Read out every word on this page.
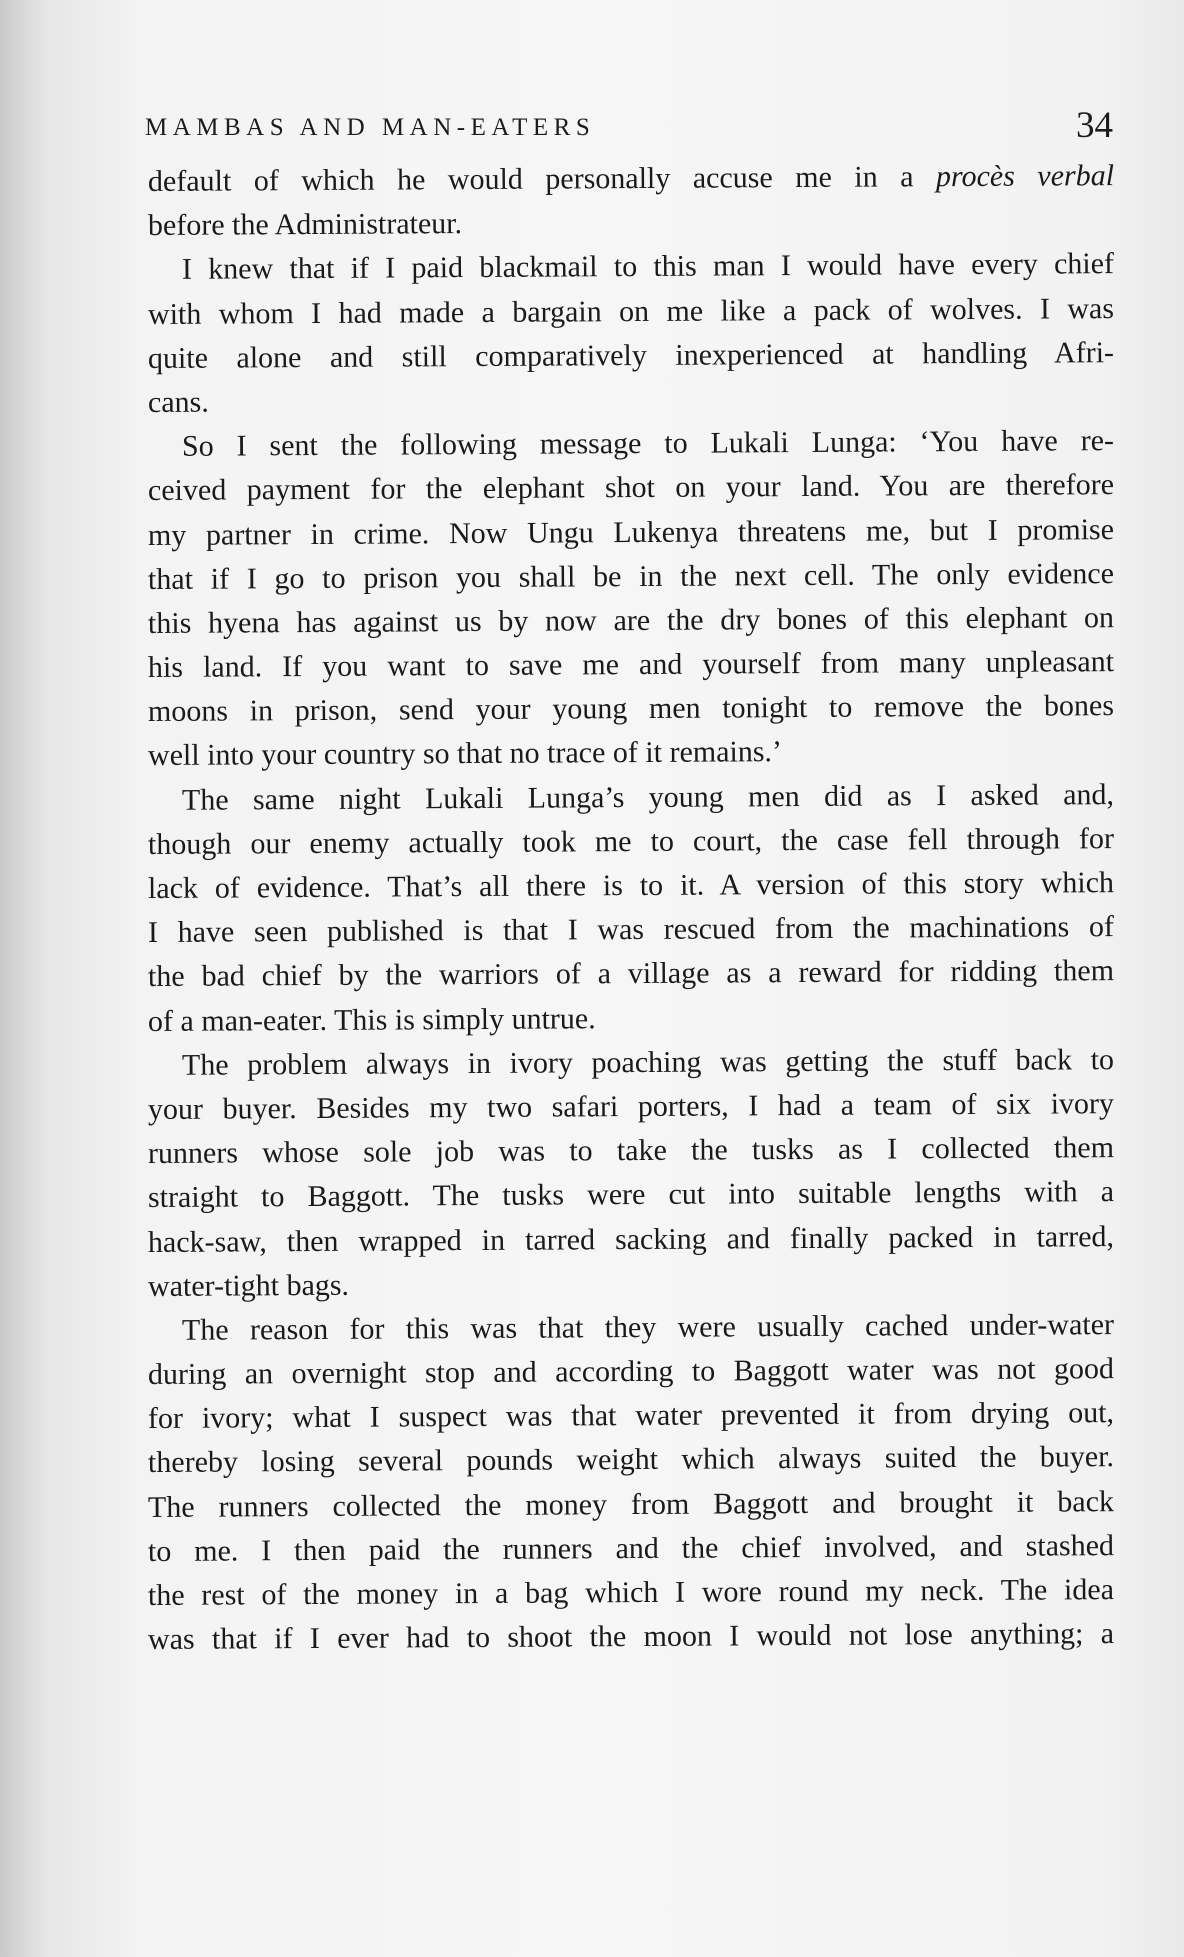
MAMBAS AND MAN-EATERS	34
default of which he would personally accuse me in a procès verbal
before the Administrateur.
I knew that if I paid blackmail to this man I would have every chief
with whom I had made a bargain on me like a pack of wolves. I was
quite alone and still comparatively inexperienced at handling Afri-
cans.
So I sent the following message to Lukali Lunga: ‘You have re-
ceived payment for the elephant shot on your land. You are therefore
my partner in crime. Now Ungu Lukenya threatens me, but I promise
that if I go to prison you shall be in the next cell. The only evidence
this hyena has against us by now are the dry bones of this elephant on
his land. If you want to save me and yourself from many unpleasant
moons in prison, send your young men tonight to remove the bones
well into your country so that no trace of it remains.’
The same night Lukali Lunga’s young men did as I asked and,
though our enemy actually took me to court, the case fell through for
lack of evidence. That’s all there is to it. A version of this story which
I have seen published is that I was rescued from the machinations of
the bad chief by the warriors of a village as a reward for ridding them
of a man-eater. This is simply untrue.
The problem always in ivory poaching was getting the stuff back to
your buyer. Besides my two safari porters, I had a team of six ivory
runners whose sole job was to take the tusks as I collected them
straight to Baggott. The tusks were cut into suitable lengths with a
hack-saw, then wrapped in tarred sacking and finally packed in tarred,
water-tight bags.
The reason for this was that they were usually cached under-water
during an overnight stop and according to Baggott water was not good
for ivory; what I suspect was that water prevented it from drying out,
thereby losing several pounds weight which always suited the buyer.
The runners collected the money from Baggott and brought it back
to me. I then paid the runners and the chief involved, and stashed
the rest of the money in a bag which I wore round my neck. The idea
was that if I ever had to shoot the moon I would not lose anything; a
